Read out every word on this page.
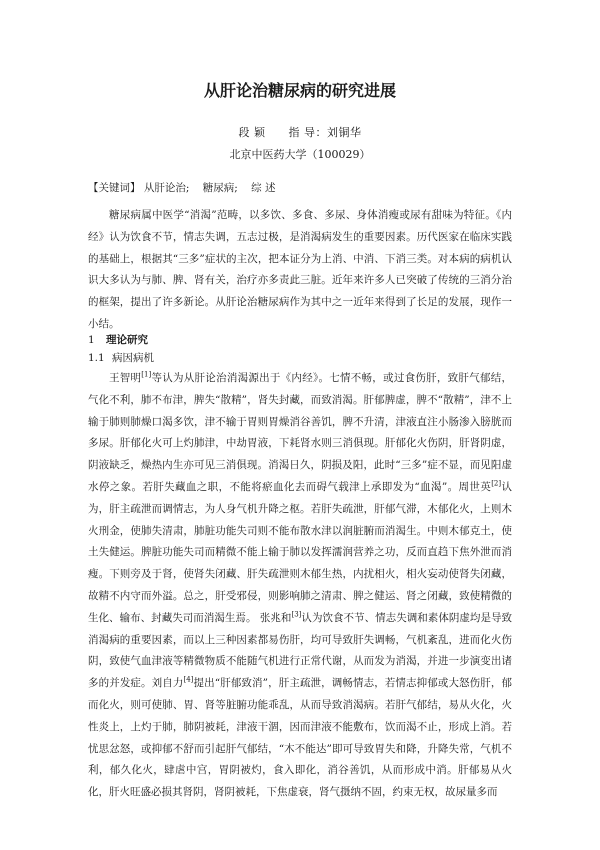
从肝论治糖尿病的研究进展
段 颖　　指 导：刘铜华
北京中医药大学（100029）
【关键词】 从肝论治; 糖尿病; 综 述

糖尿病属中医学“消渴”范畴，以多饮、多食、多尿、身体消瘦或尿有甜味为特征。《内经》认为饮食不节，情志失调，五志过极，是消渴病发生的重要因素。历代医家在临床实践的基础上，根据其“三多”症状的主次，把本证分为上消、中消、下消三类。对本病的病机认识大多认为与肺、脾、肾有关，治疗亦多责此三脏。近年来许多人已突破了传统的三消分治的框架，提出了许多新论。从肝论治糖尿病作为其中之一近年来得到了长足的发展，现作一小结。

1 理论研究
1.1 病因病机

王智明[1]等认为从肝论治消渴源出于《内经》。七情不畅，或过食伤肝，致肝气郁结，气化不利，肺不布津，脾失“散精”，肾失封藏，而致消渴。肝郁脾虚，脾不“散精”，津不上输于肺则肺燥口渴多饮，津不输于胃则胃燥消谷善饥，脾不升清，津液直注小肠渗入膀胱而多尿。肝郁化火可上灼肺津，中劫胃液，下耗肾水则三消俱现。肝郁化火伤阴，肝肾阴虚，阴液缺乏，燥热内生亦可见三消俱现。消渴日久，阴损及阳，此时“三多”症不显，而见阳虚水停之象。若肝失藏血之职，不能将瘀血化去而碍气载津上承即发为“血渴”。周世英[2]认为，肝主疏泄而调情志，为人身气机升降之枢。若肝失疏泄，肝郁气滞，木郁化火，上则木火刑金，使肺失清肃，肺脏功能失司则不能布散水津以润脏腑而消渴生。中则木郁克土，使土失健运。脾脏功能失司而精微不能上输于肺以发挥濡润营养之功，反而直趋下焦外泄而消瘦。下则旁及于肾，使肾失闭藏、肝失疏泄则木郁生热，内扰相火，相火妄动使肾失闭藏，故精不内守而外溢。总之，肝受邪侵，则影响肺之清肃、脾之健运、肾之闭藏，致使精微的生化、输布、封藏失司而消渴生焉。 张兆和[3]认为饮食不节、情志失调和素体阴虚均是导致消渴病的重要因素，而以上三种因素都易伤肝，均可导致肝失调畅，气机紊乱，进而化火伤阴，致使气血津液等精微物质不能随气机进行正常代谢，从而发为消渴，并进一步演变出诸多的并发症。刘自力[4]提出“肝郁致消”，肝主疏泄，调畅情志，若情志抑郁或大怒伤肝，郁而化火，则可使肺、胃、肾等脏腑功能乖乱，从而导致消渴病。若肝气郁结，易从火化，火性炎上，上灼于肺，肺阴被耗，津液干涸，因而津液不能敷布，饮而渴不止，形成上消。若忧思忿怒，或抑郁不舒而引起肝气郁结，“木不能达”即可导致胃失和降，升降失常，气机不利，郁久化火，肆虐中宫，胃阴被灼，食入即化，消谷善饥，从而形成中消。肝郁易从火化，肝火旺盛必损其肾阴，肾阴被耗，下焦虚衰，肾气摄纳不固，约束无权，故尿量多而
